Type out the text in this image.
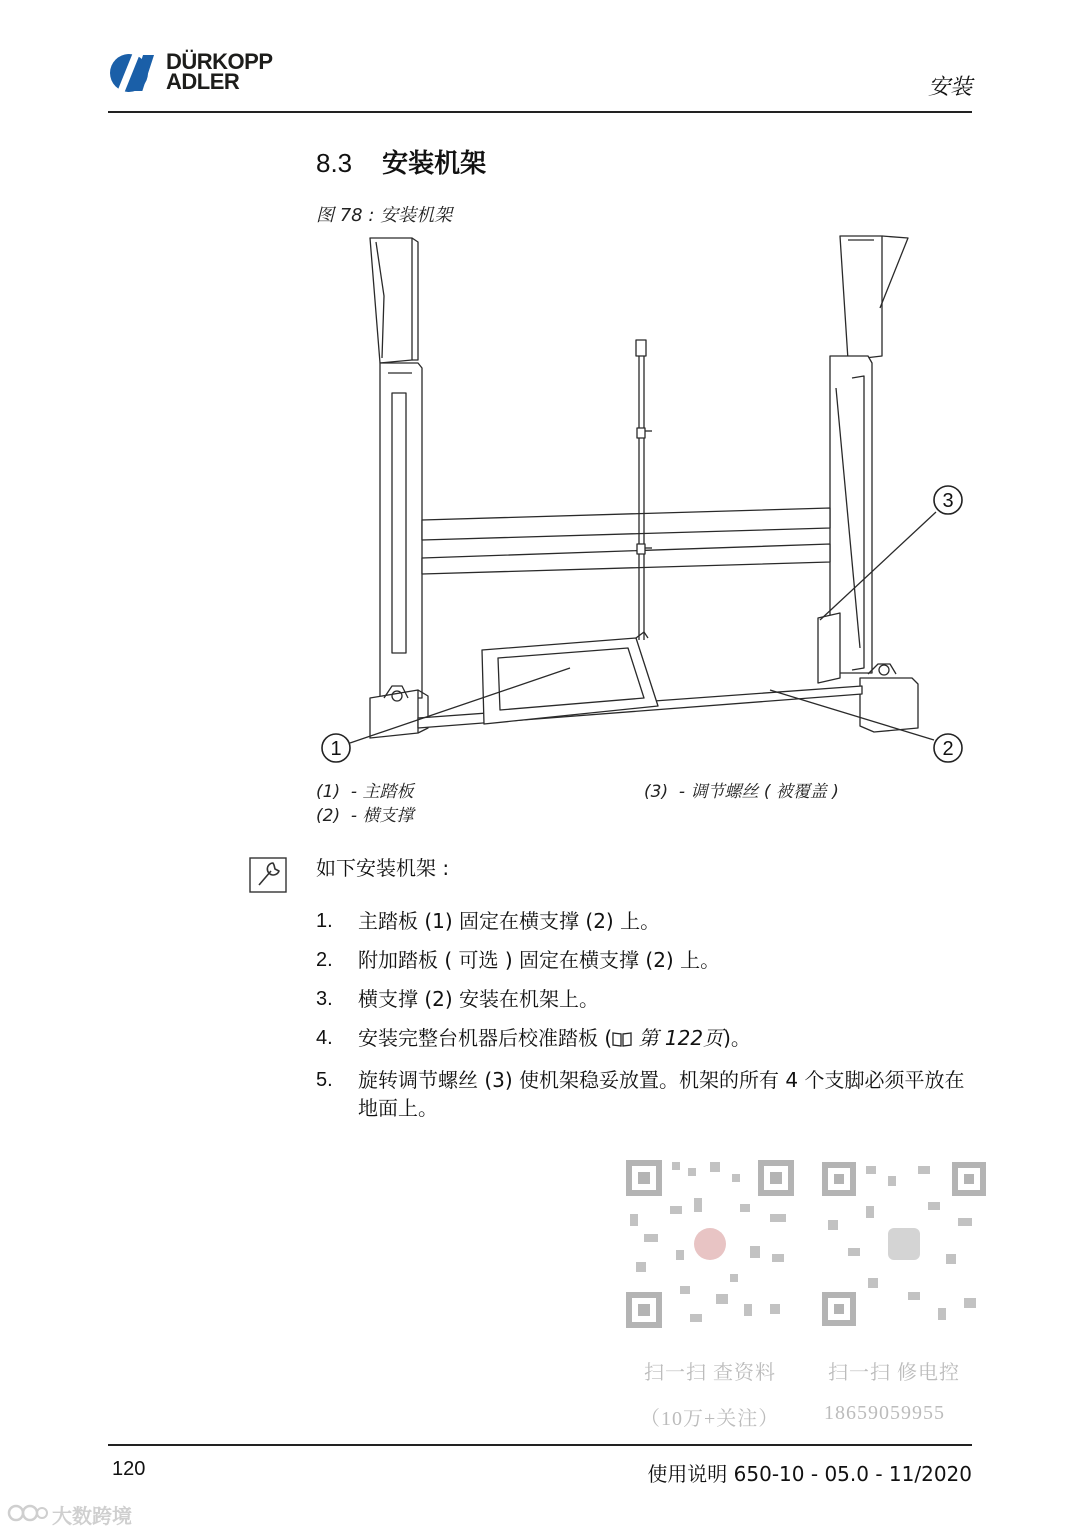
DÜRKOPP
ADLER	安装
8.3 安装机架
图 78 : 安装机架
1	2
3
(1) - 主踏板
(2) - 横支撑
(3) - 调节螺丝 ( 被覆盖 )
如下安装机架 :
1. 主踏板 (1) 固定在横支撑 (2) 上。
2. 附加踏板 ( 可选 ) 固定在横支撑 (2) 上。
3. 横支撑 (2) 安装在机架上。
4. 安装完整台机器后校准踏板 ( 第 122页)。
5. 旋转调节螺丝 (3) 使机架稳妥放置。机架的所有 4 个支脚必须平放在地面上。
扫一扫 查资料
（10万+关注）
扫一扫 修电控
18659059955
120	使用说明 650-10 - 05.0 - 11/2020
大数跨境
